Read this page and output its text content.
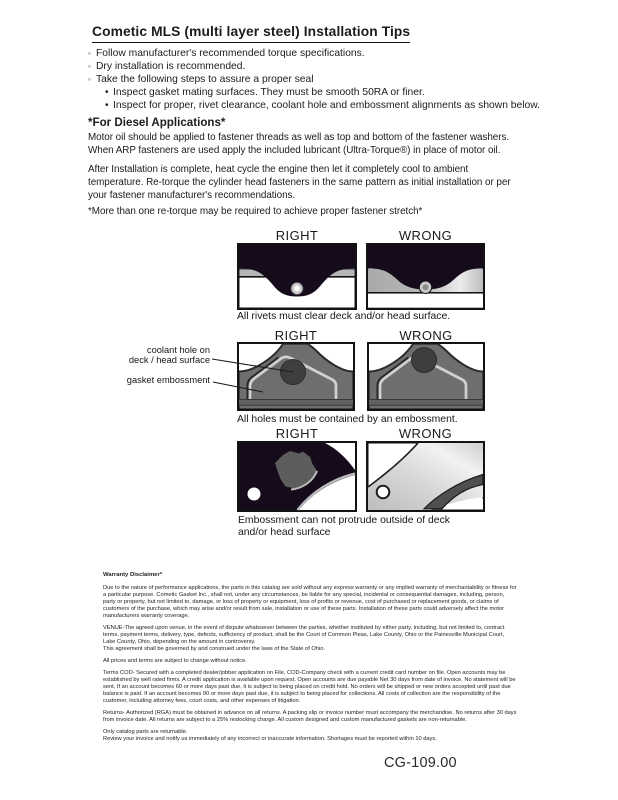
Cometic MLS (multi layer steel) Installation Tips
◦ Follow manufacturer's recommended torque specifications.
◦ Dry installation is recommended.
◦ Take the following steps to assure a proper seal
• Inspect gasket mating surfaces. They must be smooth 50RA or finer.
• Inspect for proper, rivet clearance, coolant hole and embossment alignments as shown below.
*For Diesel Applications*

Motor oil should be applied to fastener threads as well as top and bottom of the fastener washers. When ARP fasteners are used apply the included lubricant (Ultra-Torque®) in place of motor oil.

After Installation is complete, heat cycle the engine then let it completely cool to ambient temperature. Re-torque the cylinder head fasteners in the same pattern as initial installation or per your fastener manufacturer's recommendations.

*More than one re-torque may be required to achieve proper fastener stretch*

RIGHT	WRONG
All rivets must clear deck and/or head surface.
RIGHT	WRONG
coolant hole on
deck / head surface
gasket embossment
All holes must be contained by an embossment.
RIGHT	WRONG
Embossment can not protrude outside of deck and/or head surface

Warranty Disclaimer*

Due to the nature of performance applications, the parts in this catalog are sold without any express warranty or any implied warranty of merchantability or fitness for a particular purpose. Cometic Gasket Inc., shall not, under any circumstances, be liable for any special, incidental or consequential damages, including, person, party or property, but not limited to, damage, or loss of property or equipment, loss of profits or revenue, cost of purchased or replacement goods, or claims of customers of the purchase, which may arise and/or result from sale, installation or use of these parts. Installation of these parts could adversely affect the motor manufacturers warranty coverage.

VENUE-The agreed upon venue, in the event of dispute whatsoever between the parties, whether instituted by either party, including, but not limited to, contract terms, payment terms, delivery, type, defects, sufficiency of product, shall be the Court of Common Pleas, Lake County, Ohio or the Painesville Municipal Court, Lake County, Ohio, depending on the amount in controversy.

This agreement shall be governed by and construed under the laws of the State of Ohio.

All prices and terms are subject to change without notice.

Terms COD- Secured with a completed dealer/jobber application on File, COD-Company check with a current credit card number on file. Open accounts may be established by well rated firms. A credit application is available upon request. Open accounts are due payable Net 30 days from date of invoice. No statement will be sent. If an account becomes 60 or more days past due, it is subject to being placed on credit hold. No orders will be shipped or new orders accepted until past due balance is paid. If an account becomes 90 or more days past due, it is subject to being placed for collections. All costs of collection are the responsibility of the customer, including attorney fees, court costs, and other expenses of litigation.

Returns- Authorized (RGA) must be obtained in advance on all returns. A packing slip or invoice number must accompany the merchandise. No returns after 30 days from invoice date. All returns are subject to a 25% restocking charge. All custom designed and custom manufactured gaskets are non-returnable.

Only catalog parts are returnable.

Review your invoice and notify us immediately of any incorrect or inaccurate information. Shortages must be reported within 10 days.

CG-109.00
